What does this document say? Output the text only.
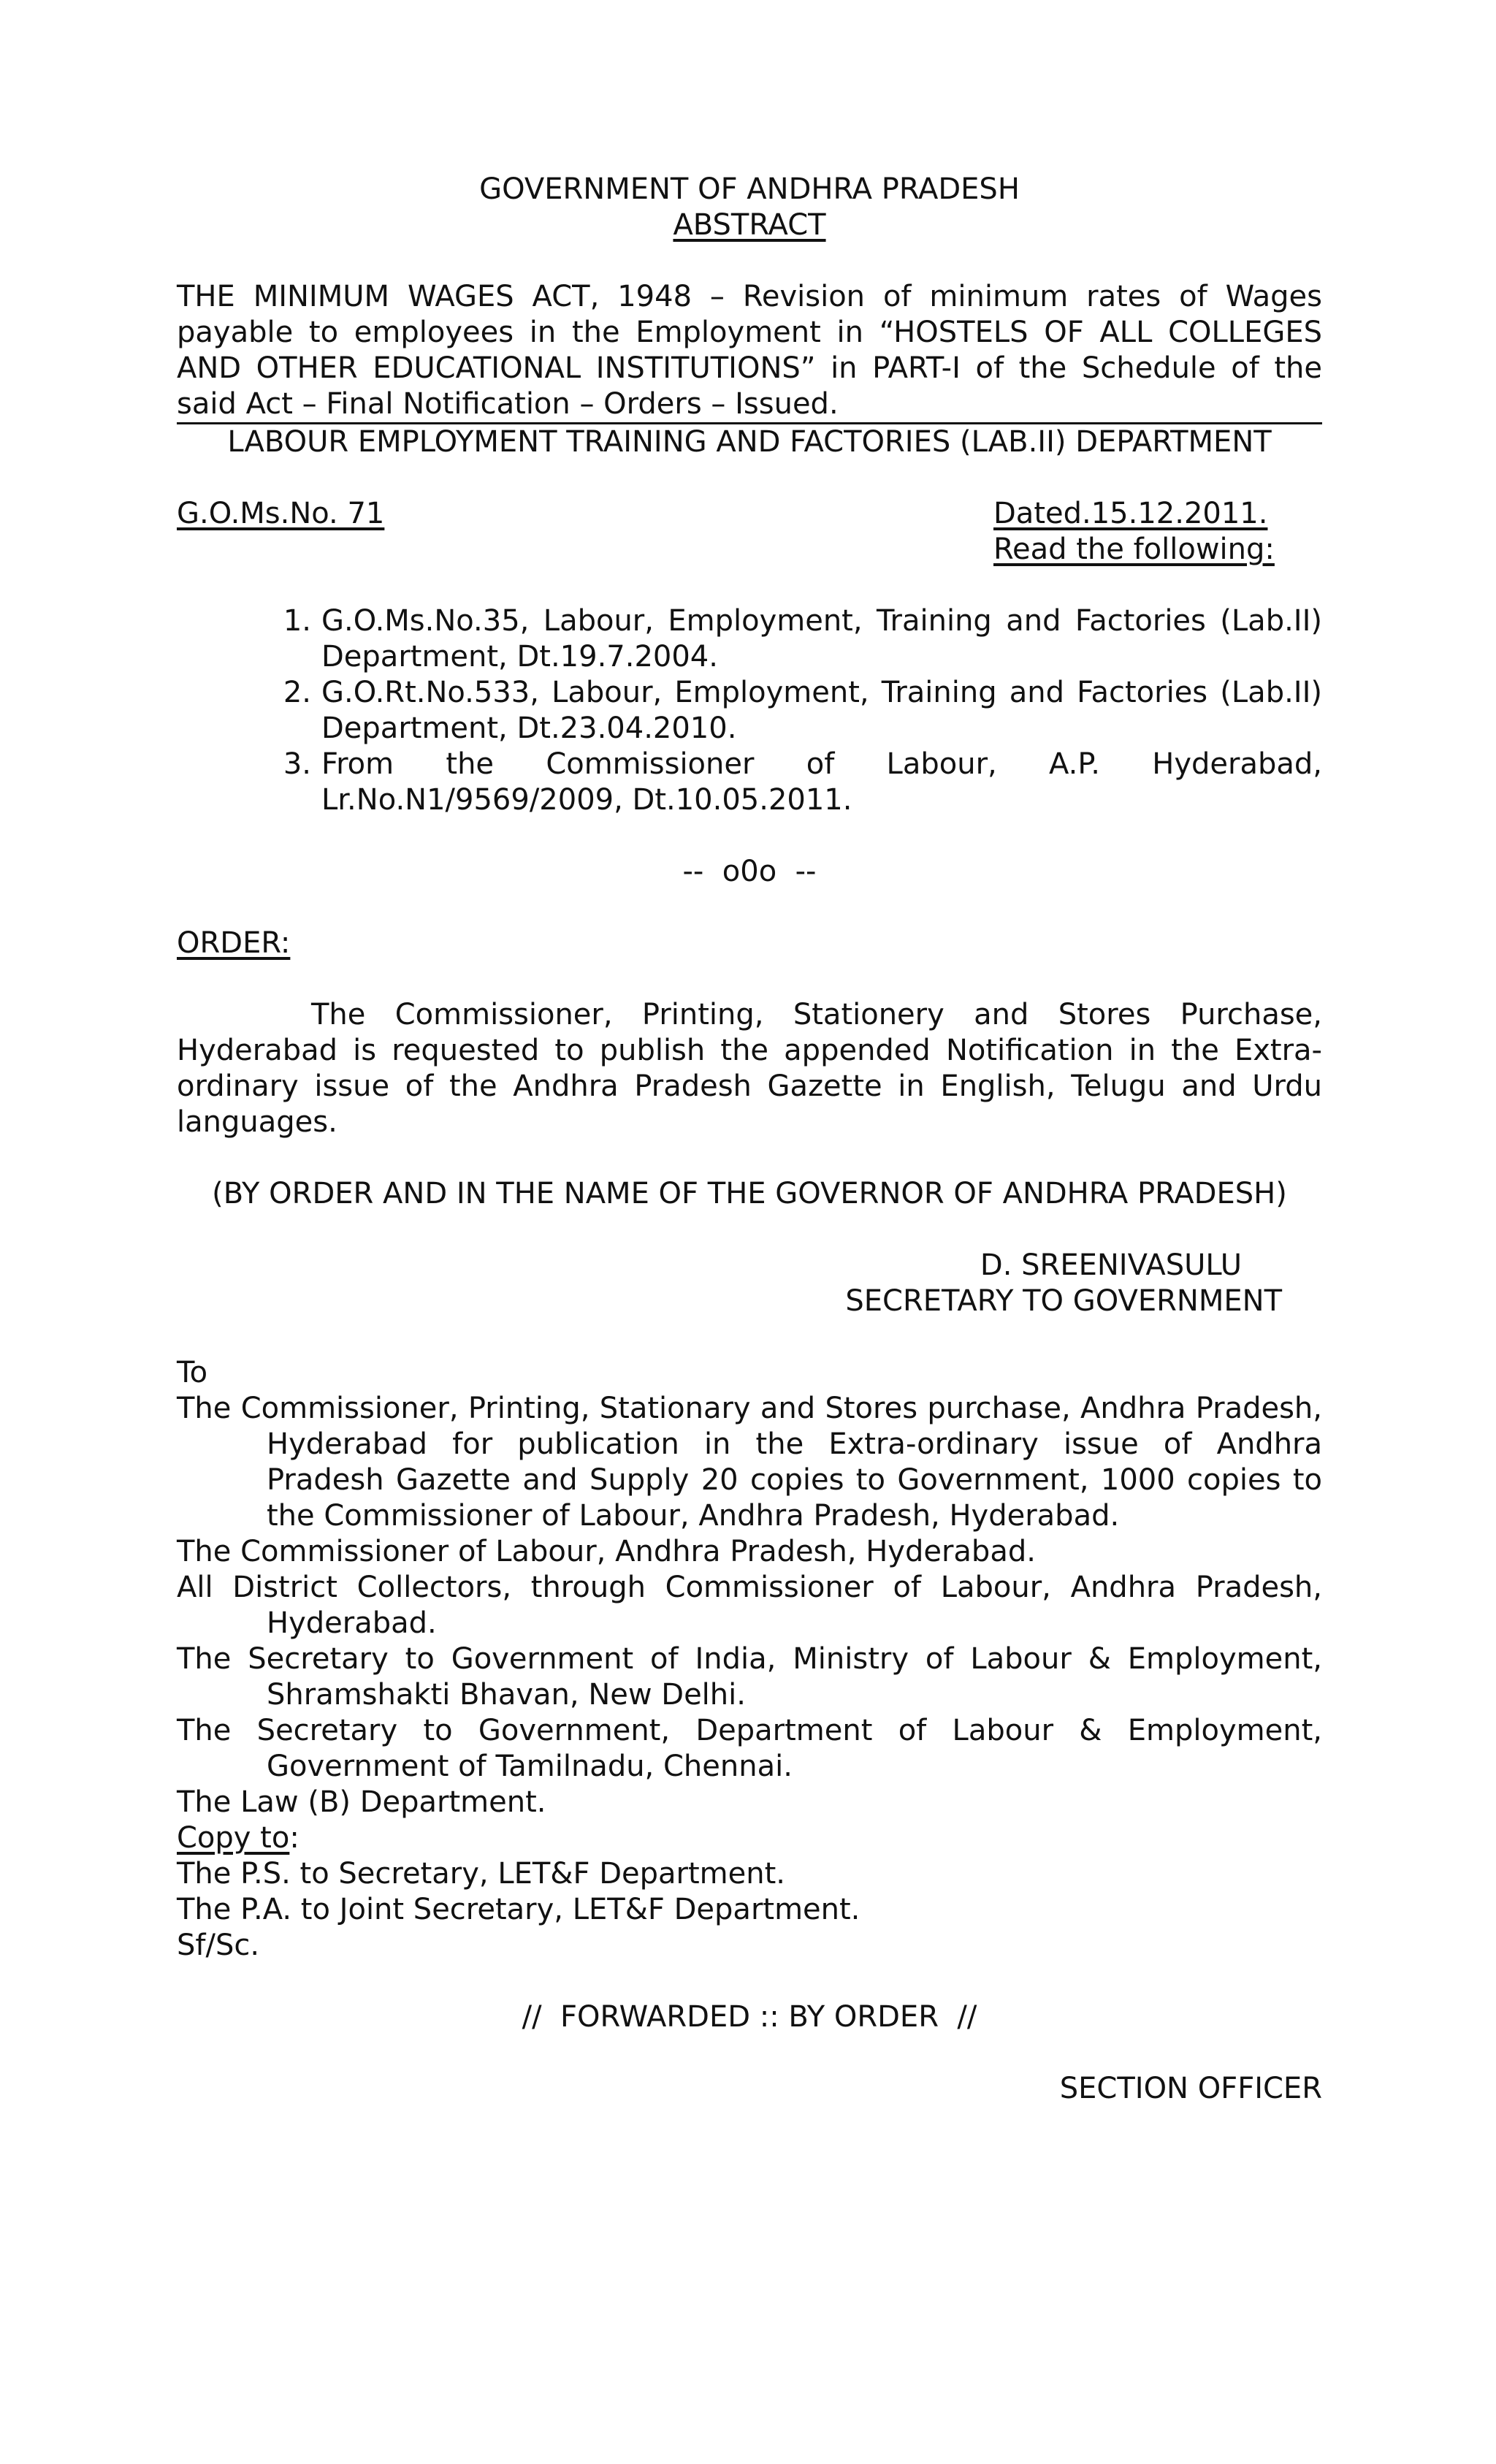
GOVERNMENT OF ANDHRA PRADESH
ABSTRACT
THE MINIMUM WAGES ACT, 1948 – Revision of minimum rates of Wages payable to employees in the Employment in “HOSTELS OF ALL COLLEGES AND OTHER EDUCATIONAL INSTITUTIONS” in PART-I of the Schedule of the said Act – Final Notification – Orders – Issued.
LABOUR EMPLOYMENT TRAINING AND FACTORIES (LAB.II) DEPARTMENT
G.O.Ms.No. 71	Dated.15.12.2011.
Read the following:
1. G.O.Ms.No.35, Labour, Employment, Training and Factories (Lab.II) Department, Dt.19.7.2004.
2. G.O.Rt.No.533, Labour, Employment, Training and Factories (Lab.II) Department, Dt.23.04.2010.
3. From the Commissioner of Labour, A.P. Hyderabad, Lr.No.N1/9569/2009, Dt.10.05.2011.
--  o0o  --
ORDER:
The Commissioner, Printing, Stationery and Stores Purchase, Hyderabad is requested to publish the appended Notification in the Extra-ordinary issue of the Andhra Pradesh Gazette in English, Telugu and Urdu languages.
(BY ORDER AND IN THE NAME OF THE GOVERNOR OF ANDHRA PRADESH)
D. SREENIVASULU
SECRETARY TO GOVERNMENT
To
The Commissioner, Printing, Stationary and Stores purchase, Andhra Pradesh, Hyderabad for publication in the Extra-ordinary issue of Andhra Pradesh Gazette and Supply 20 copies to Government, 1000 copies to the Commissioner of Labour, Andhra Pradesh, Hyderabad.
The Commissioner of Labour, Andhra Pradesh, Hyderabad.
All District Collectors, through Commissioner of Labour, Andhra Pradesh, Hyderabad.
The Secretary to Government of India, Ministry of Labour & Employment, Shramshakti Bhavan, New Delhi.
The Secretary to Government, Department of Labour & Employment, Government of Tamilnadu, Chennai.
The Law (B) Department.
Copy to:
The P.S. to Secretary, LET&F Department.
The P.A. to Joint Secretary, LET&F Department.
Sf/Sc.
//  FORWARDED :: BY ORDER  //
SECTION OFFICER
